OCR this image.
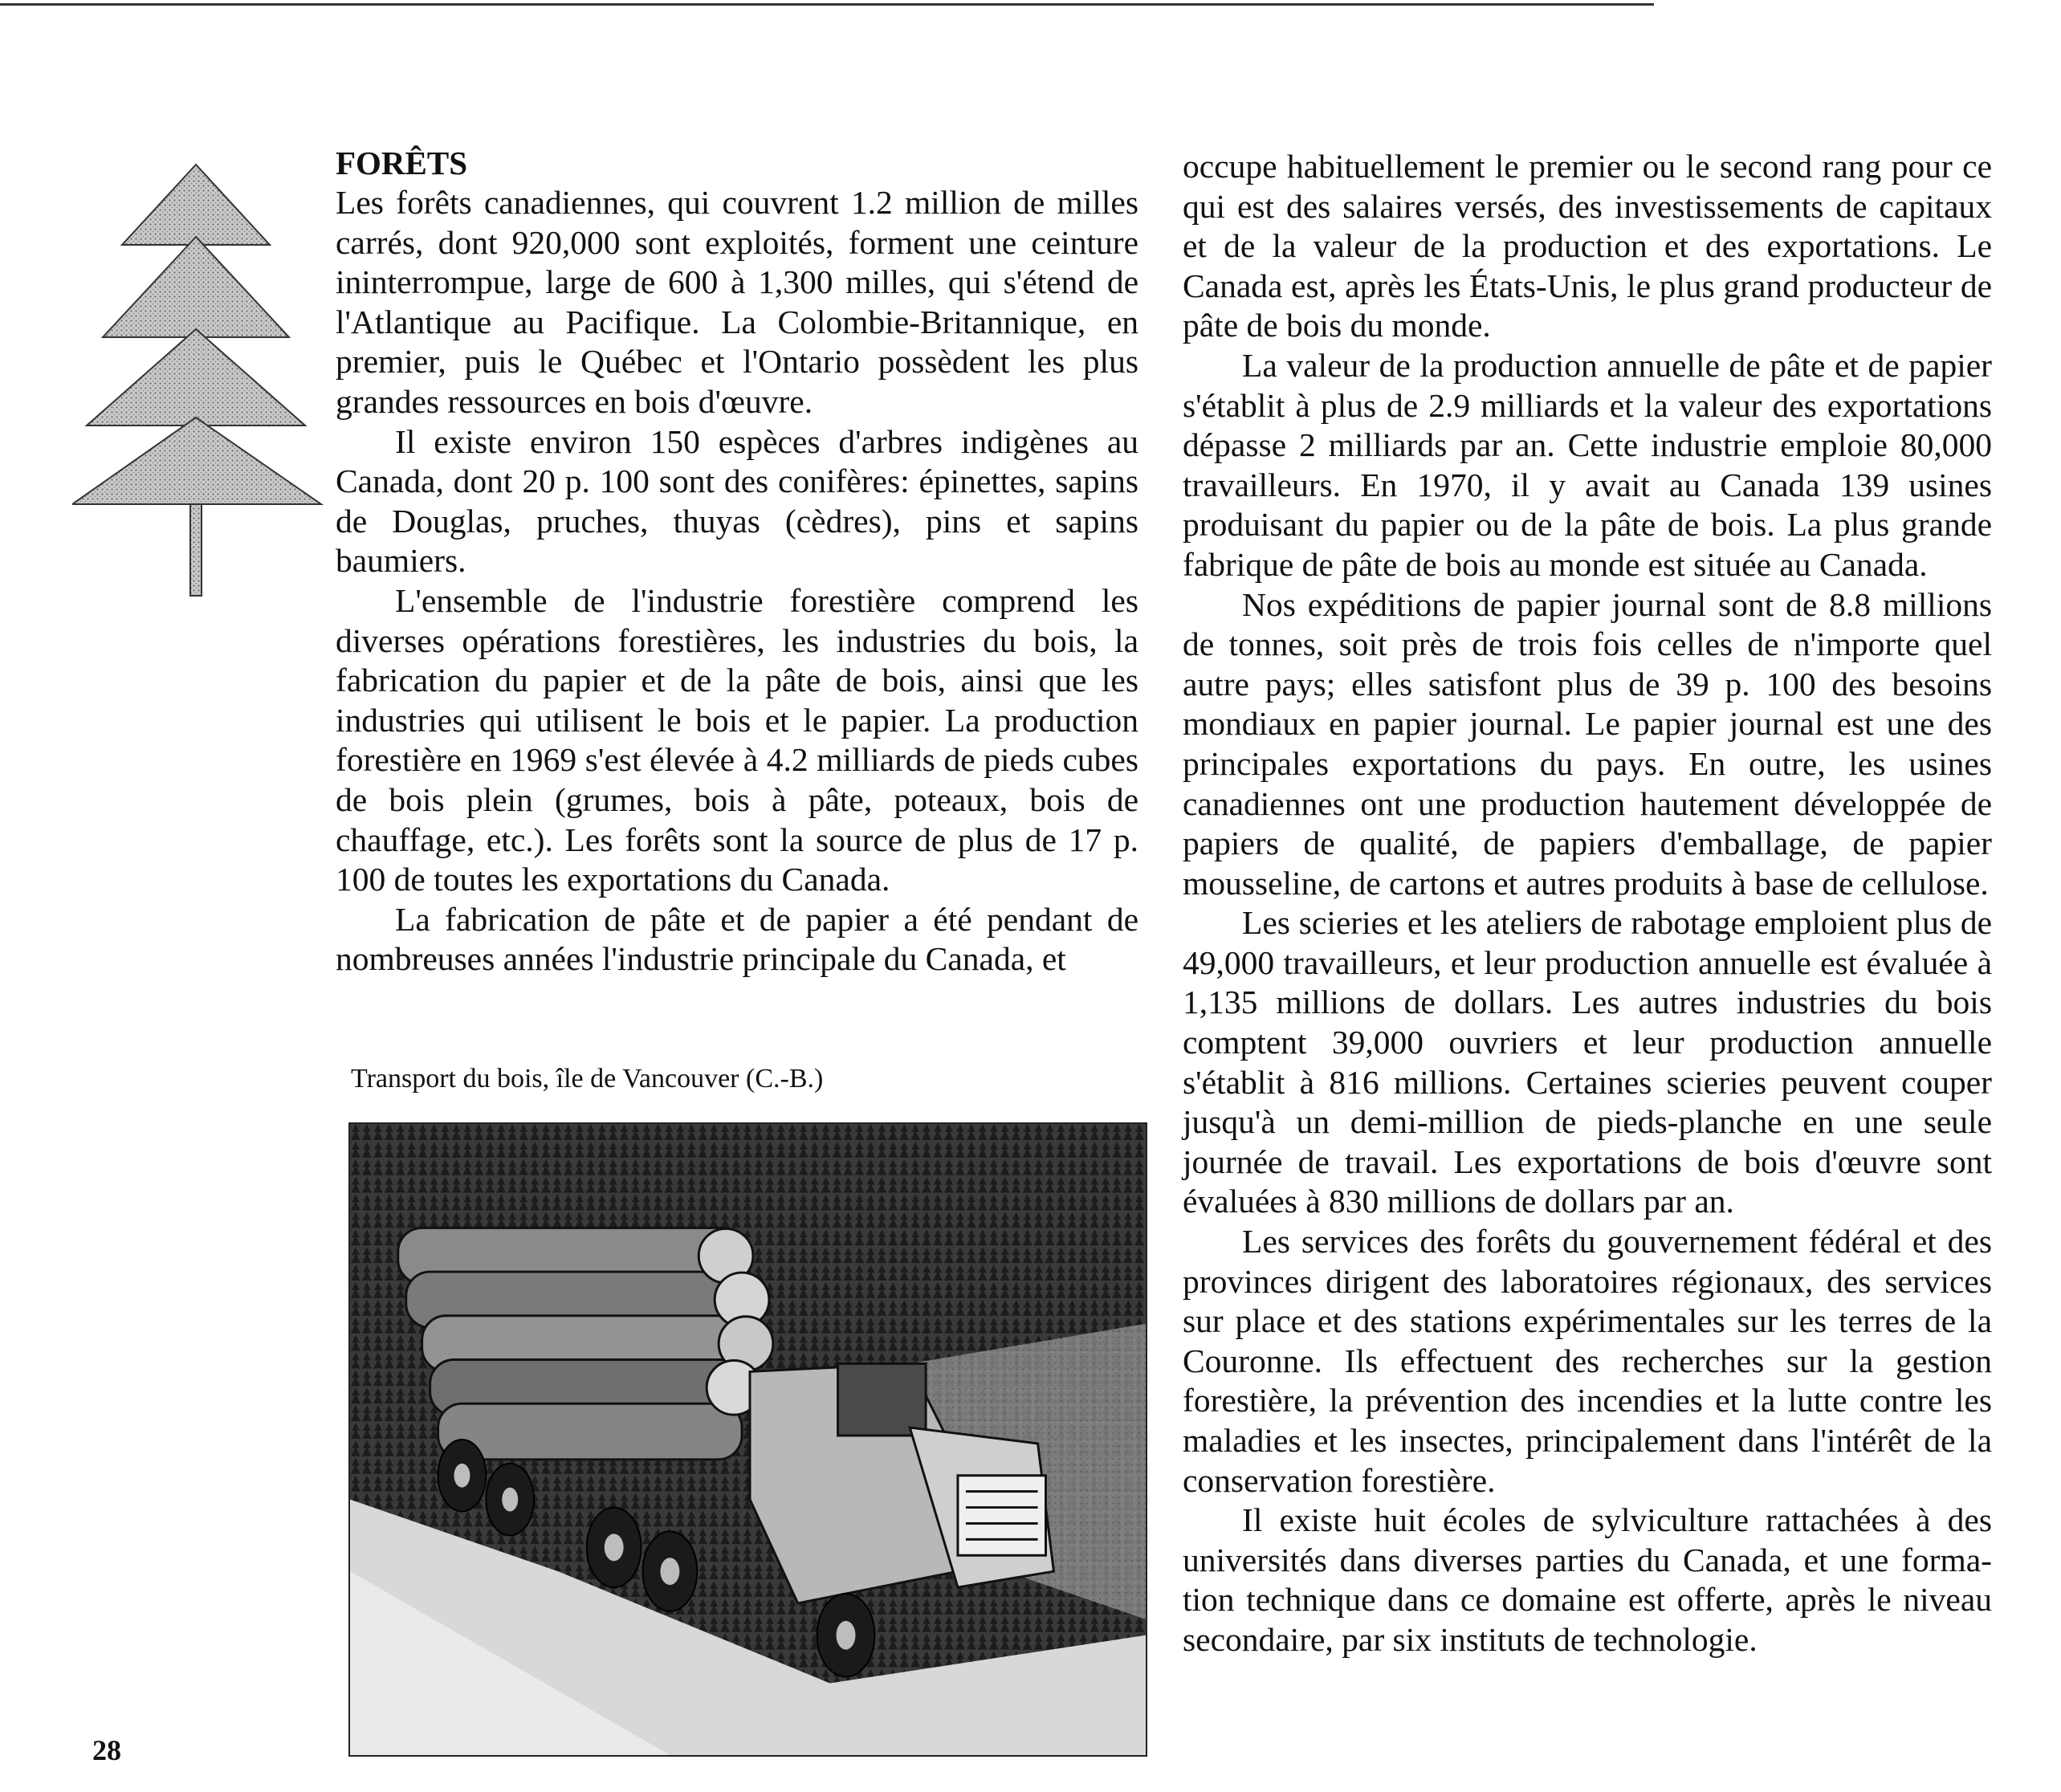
FORÊTS

Les forêts canadiennes, qui couvrent 1.2 million de milles carrés, dont 920,000 sont exploités, forment une ceinture ininterrompue, large de 600 à 1,300 milles, qui s'étend de l'Atlantique au Pacifique. La Colombie-Britannique, en premier, puis le Québec et l'Ontario possèdent les plus grandes ressources en bois d'œuvre.

Il existe environ 150 espèces d'arbres indigènes au Canada, dont 20 p. 100 sont des conifères: épinettes, sapins de Douglas, pruches, thuyas (cèdres), pins et sapins baumiers.

L'ensemble de l'industrie forestière comprend les diverses opérations forestières, les industries du bois, la fabrication du papier et de la pâte de bois, ainsi que les industries qui utilisent le bois et le papier. La production forestière en 1969 s'est élevée à 4.2 milliards de pieds cubes de bois plein (grumes, bois à pâte, poteaux, bois de chauffage, etc.). Les forêts sont la source de plus de 17 p. 100 de toutes les exportations du Canada.

La fabrication de pâte et de papier a été pendant de nombreuses années l'industrie principale du Canada, et

Transport du bois, île de Vancouver (C.-B.)

occupe habituellement le premier ou le second rang pour ce qui est des salaires versés, des investissements de capitaux et de la valeur de la production et des exportations. Le Canada est, après les États-Unis, le plus grand producteur de pâte de bois du monde.

La valeur de la production annuelle de pâte et de papier s'établit à plus de 2.9 milliards et la valeur des exportations dépasse 2 milliards par an. Cette industrie emploie 80,000 travailleurs. En 1970, il y avait au Canada 139 usines produisant du papier ou de la pâte de bois. La plus grande fabrique de pâte de bois au monde est située au Canada.

Nos expéditions de papier journal sont de 8.8 millions de tonnes, soit près de trois fois celles de n'importe quel autre pays; elles satisfont plus de 39 p. 100 des besoins mondiaux en papier journal. Le papier journal est une des principales exportations du pays. En outre, les usines canadiennes ont une production hautement développée de papiers de qualité, de papiers d'emballage, de papier mousseline, de cartons et autres produits à base de cellulose.

Les scieries et les ateliers de rabotage emploient plus de 49,000 travailleurs, et leur production annuelle est évaluée à 1,135 millions de dollars. Les autres industries du bois comptent 39,000 ouvriers et leur production annuelle s'établit à 816 millions. Certaines scieries peuvent couper jusqu'à un demi-million de pieds-planche en une seule journée de travail. Les exportations de bois d'œuvre sont évaluées à 830 millions de dollars par an.

Les services des forêts du gouvernement fédéral et des provinces dirigent des laboratoires régionaux, des services sur place et des stations expérimentales sur les terres de la Couronne. Ils effectuent des recherches sur la gestion forestière, la prévention des incendies et la lutte contre les maladies et les insectes, principalement dans l'intérêt de la conservation forestière.

Il existe huit écoles de sylviculture rattachées à des universités dans diverses parties du Canada, et une formation technique dans ce domaine est offerte, après le niveau secondaire, par six instituts de technologie.

28
